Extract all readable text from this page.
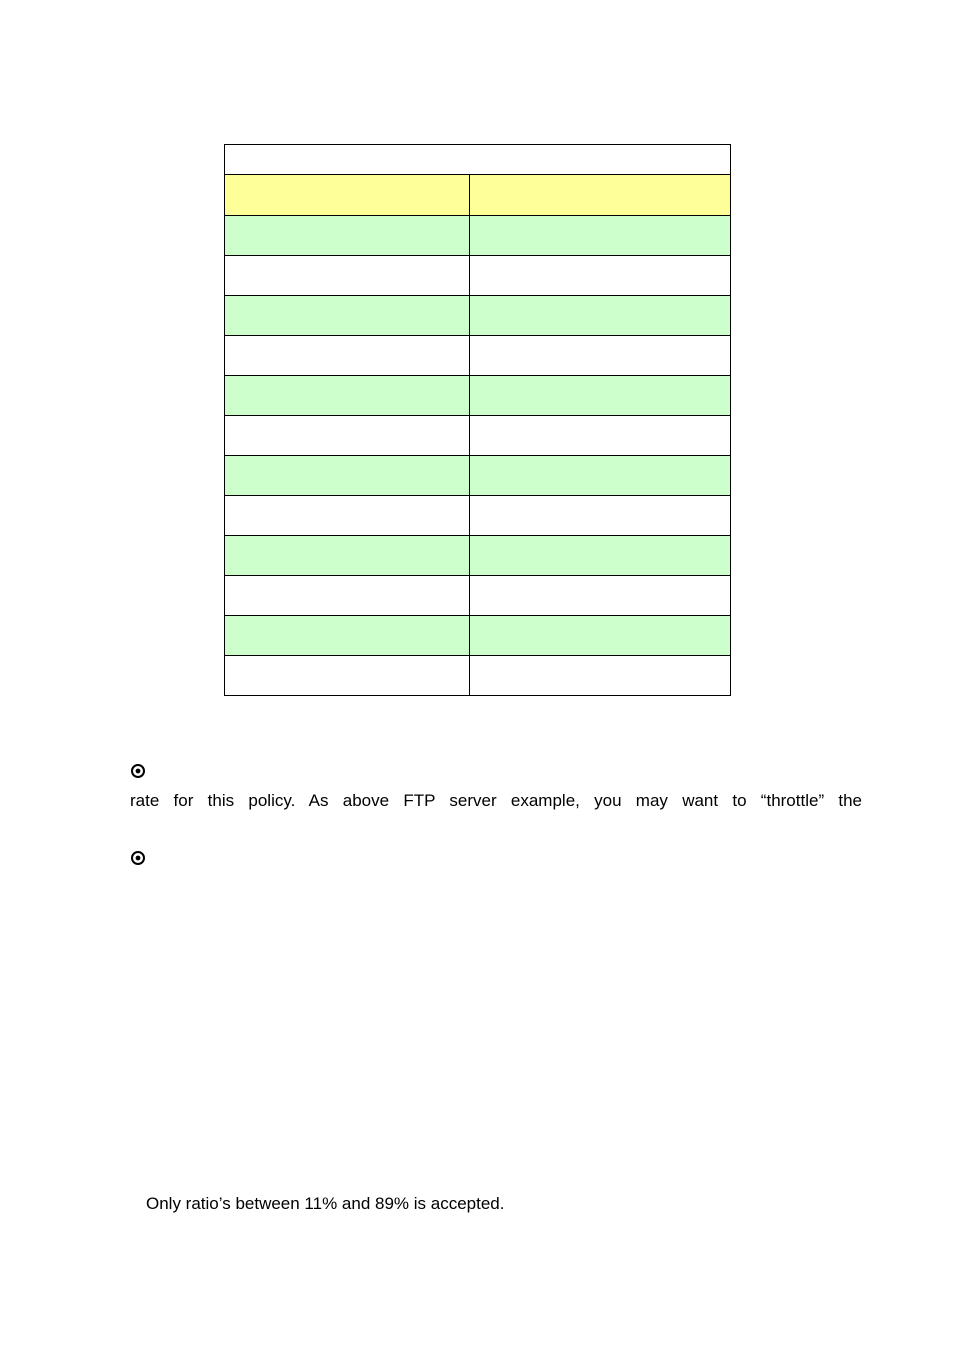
rate for this policy. As above FTP server example, you may want to “throttle” the
Only ratio’s between 11% and 89% is accepted.
